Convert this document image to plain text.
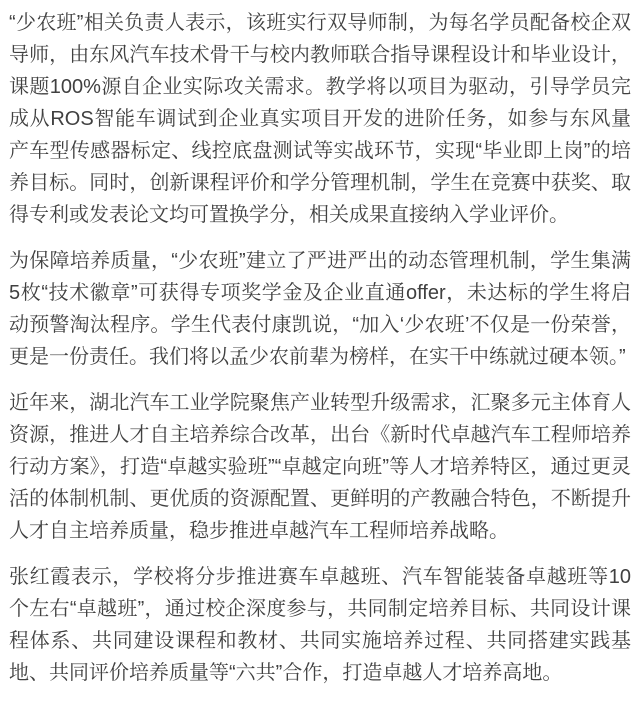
“少农班”相关负责人表示，该班实行双导师制，为每名学员配备校企双导师，由东风汽车技术骨干与校内教师联合指导课程设计和毕业设计，课题100%源自企业实际攻关需求。教学将以项目为驱动，引导学员完成从ROS智能车调试到企业真实项目开发的进阶任务，如参与东风量产车型传感器标定、线控底盘测试等实战环节，实现“毕业即上岗”的培养目标。同时，创新课程评价和学分管理机制，学生在竞赛中获奖、取得专利或发表论文均可置换学分，相关成果直接纳入学业评价。

为保障培养质量，“少农班”建立了严进严出的动态管理机制，学生集满5枚“技术徽章”可获得专项奖学金及企业直通offer，未达标的学生将启动预警淘汰程序。学生代表付康凯说，“加入‘少农班’不仅是一份荣誉，更是一份责任。我们将以孟少农前辈为榜样，在实干中练就过硬本领。”

近年来，湖北汽车工业学院聚焦产业转型升级需求，汇聚多元主体育人资源，推进人才自主培养综合改革，出台《新时代卓越汽车工程师培养行动方案》，打造“卓越实验班”“卓越定向班”等人才培养特区，通过更灵活的体制机制、更优质的资源配置、更鲜明的产教融合特色，不断提升人才自主培养质量，稳步推进卓越汽车工程师培养战略。

张红霞表示，学校将分步推进赛车卓越班、汽车智能装备卓越班等10个左右“卓越班”，通过校企深度参与，共同制定培养目标、共同设计课程体系、共同建设课程和教材、共同实施培养过程、共同搭建实践基地、共同评价培养质量等“六共”合作，打造卓越人才培养高地。
